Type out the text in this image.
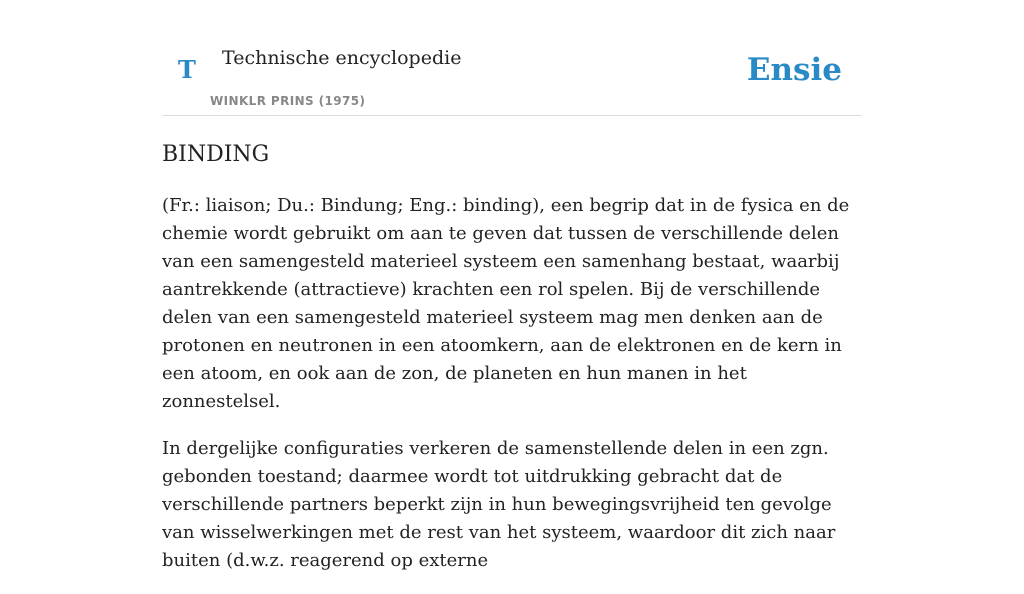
T Technische encyclopedie
WINKLR PRINS (1975)
Ensie
BINDING

(Fr.: liaison; Du.: Bindung; Eng.: binding), een begrip dat in de fysica en de chemie wordt gebruikt om aan te geven dat tussen de verschillende delen van een samengesteld materieel systeem een samenhang bestaat, waarbij aantrekkende (attractieve) krachten een rol spelen. Bij de verschillende delen van een samengesteld materieel systeem mag men denken aan de protonen en neutronen in een atoomkern, aan de elektronen en de kern in een atoom, en ook aan de zon, de planeten en hun manen in het zonnestelsel.

In dergelijke configuraties verkeren de samenstellende delen in een zgn. gebonden toestand; daarmee wordt tot uitdrukking gebracht dat de verschillende partners beperkt zijn in hun bewegingsvrijheid ten gevolge van wisselwerkingen met de rest van het systeem, waardoor dit zich naar buiten (d.w.z. reagerend op externe
